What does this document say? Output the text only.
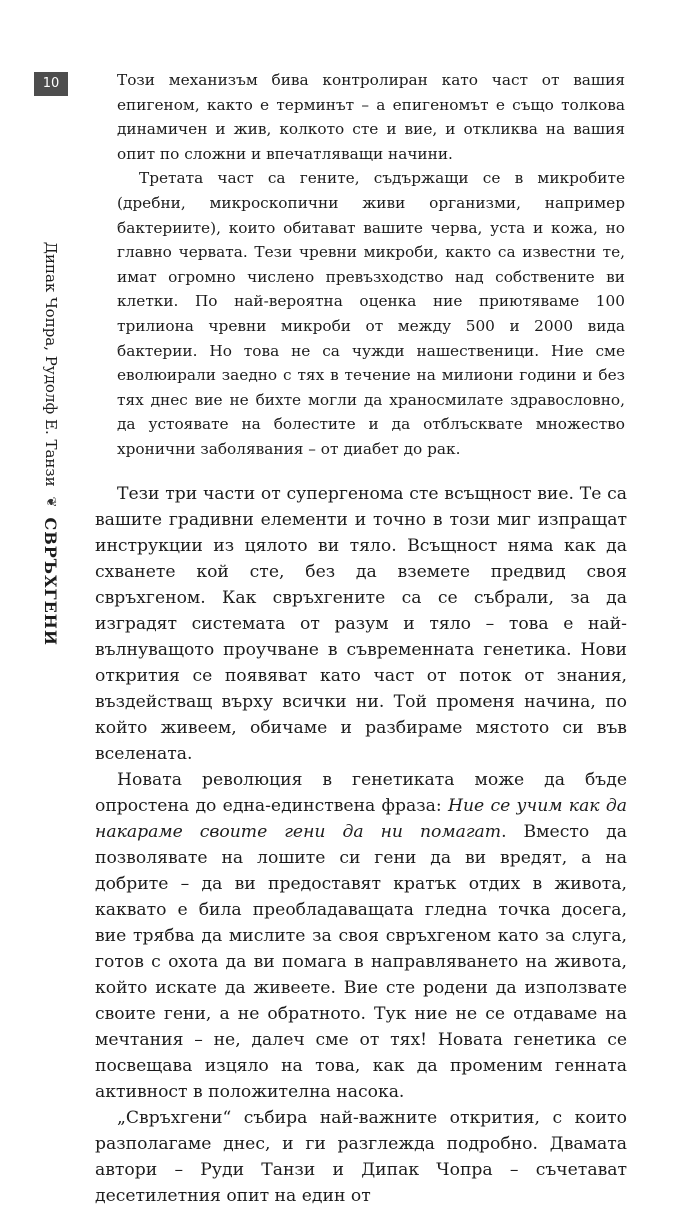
10
СВРЪХГЕНИ
❦
Дипак Чопра, Рудолф Е. Танзи

Този механизъм бива контролиран като част от вашия епигеном, както е терминът – а епигеномът е също толкова динамичен и жив, колкото сте и вие, и откликва на вашия опит по сложни и впечатляващи начини.

Третата част са гените, съдържащи се в микробите (дребни, микроскопични живи организми, например бактериите), които обитават вашите черва, уста и кожа, но главно червата. Тези чревни микроби, както са известни те, имат огромно числено превъзходство над собствените ви клетки. По най-вероятна оценка ние приютяваме 100 трилиона чревни микроби от между 500 и 2000 вида бактерии. Но това не са чужди нашественици. Ние сме еволюирали заедно с тях в течение на милиони години и без тях днес вие не бихте могли да храносмилате здравословно, да устоявате на болестите и да отблъсквате множество хронични заболявания – от диабет до рак.

Тези три части от супергенома сте всъщност вие. Те са вашите градивни елементи и точно в този миг изпращат инструкции из цялото ви тяло. Всъщност няма как да схванете кой сте, без да вземете предвид своя свръхгеном. Как свръхгените са се събрали, за да изградят системата от разум и тяло – това е най-вълнуващото проучване в съвременната генетика. Нови открития се появяват като част от поток от знания, въздействащ върху всички ни. Той променя начина, по който живеем, обичаме и разбираме мястото си във вселената.

Новата революция в генетиката може да бъде опростена до една-единствена фраза: Ние се учим как да накараме своите гени да ни помагат. Вместо да позволявате на лошите си гени да ви вредят, а на добрите – да ви предоставят кратък отдих в живота, каквато е била преобладаващата гледна точка досега, вие трябва да мислите за своя свръхгеном като за слуга, готов с охота да ви помага в направляването на живота, който искате да живеете. Вие сте родени да използвате своите гени, а не обратното. Тук ние не се отдаваме на мечтания – не, далеч сме от тях! Новата генетика се посвещава изцяло на това, как да променим генната активност в положителна насока.

„Свръхгени“ събира най-важните открития, с които разполагаме днес, и ги разглежда подробно. Двамата автори – Руди Танзи и Дипак Чопра – съчетават десетилетния опит на един от
